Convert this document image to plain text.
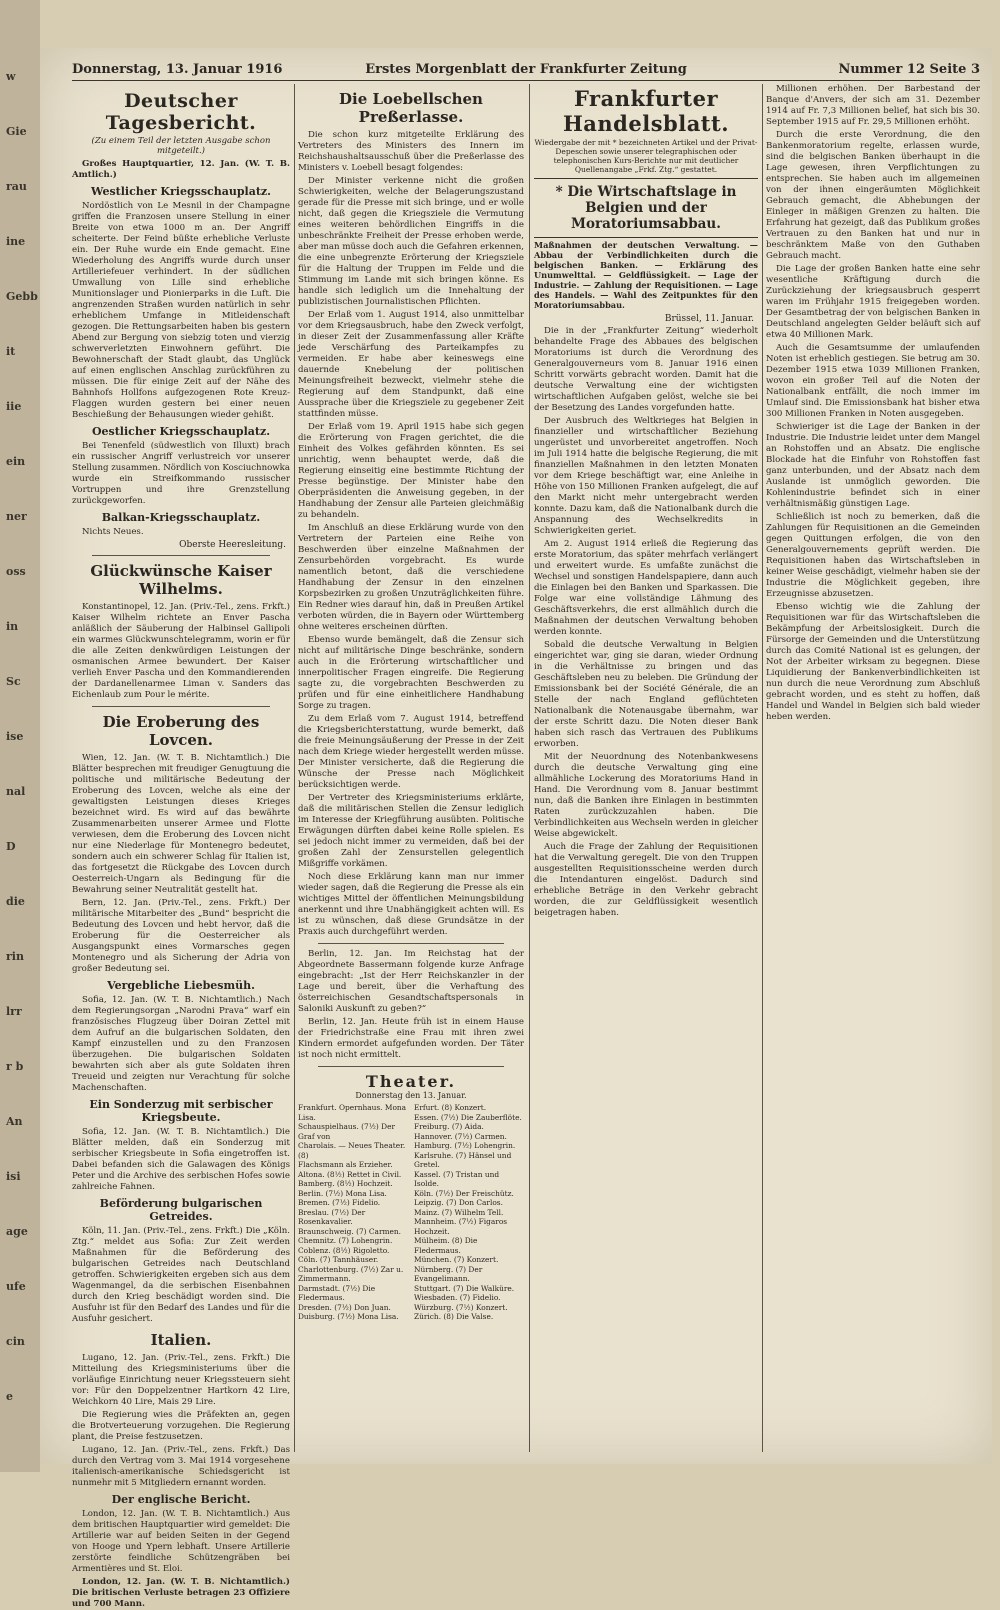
w
Gie
rau
ine
Gebb
it
iie
ein
ner
oss
in
Sc
ise
nal
D
die
rin
lrr
r b
An
isi
age
ufe
cin
e
Donnerstag, 13. Januar 1916	Erstes Morgenblatt der Frankfurter Zeitung	Nummer 12 Seite 3
Deutscher Tagesbericht.
(Zu einem Teil der letzten Ausgabe schon mitgeteilt.)

Großes Hauptquartier, 12. Jan. (W. T. B. Amtlich.)

Westlicher Kriegsschauplatz.

Nordöstlich von Le Mesnil in der Champagne griffen die Franzosen unsere Stellung in einer Breite von etwa 1000 m an. Der Angriff scheiterte. Der Feind büßte erhebliche Verluste ein. Der Ruhe wurde ein Ende gemacht. Eine Wiederholung des Angriffs wurde durch unser Artilleriefeuer verhindert. In der südlichen Umwallung von Lille sind erhebliche Munitionslager und Pionierparks in die Luft. Die angrenzenden Straßen wurden natürlich in sehr erheblichem Umfange in Mitleidenschaft gezogen. Die Rettungsarbeiten haben bis gestern Abend zur Bergung von siebzig toten und vierzig schwerverletzten Einwohnern geführt. Die Bewohnerschaft der Stadt glaubt, das Unglück auf einen englischen Anschlag zurückführen zu müssen. Die für einige Zeit auf der Nähe des Bahnhofs Hollfons aufgezogenen Rote Kreuz-Flaggen wurden gestern bei einer neuen Beschießung der Behausungen wieder gehißt.

Oestlicher Kriegsschauplatz.

Bei Tenenfeld (südwestlich von Illuxt) brach ein russischer Angriff verlustreich vor unserer Stellung zusammen. Nördlich von Kosciuchnowka wurde ein Streifkommando russischer Vortruppen und ihre Grenzstellung zurückgeworfen.

Balkan-Kriegsschauplatz.

Nichts Neues.

Oberste Heeresleitung.
Glückwünsche Kaiser Wilhelms.

Konstantinopel, 12. Jan. (Priv.-Tel., zens. Frkft.) Kaiser Wilhelm richtete an Enver Pascha anläßlich der Säuberung der Halbinsel Gallipoli ein warmes Glückwunschtelegramm, worin er für die alle Zeiten denkwürdigen Leistungen der osmanischen Armee bewundert. Der Kaiser verlieh Enver Pascha und den Kommandierenden der Dardanellenarmee Liman v. Sanders das Eichenlaub zum Pour le mérite.

Die Eroberung des Lovcen.

Wien, 12. Jan. (W. T. B. Nichtamtlich.) Die Blätter besprechen mit freudiger Genugtuung die politische und militärische Bedeutung der Eroberung des Lovcen, welche als eine der gewaltigsten Leistungen dieses Krieges bezeichnet wird. Es wird auf das bewährte Zusammenarbeiten unserer Armee und Flotte verwiesen, dem die Eroberung des Lovcen nicht nur eine Niederlage für Montenegro bedeutet, sondern auch ein schwerer Schlag für Italien ist, das fortgesetzt die Rückgabe des Lovcen durch Oesterreich-Ungarn als Bedingung für die Bewahrung seiner Neutralität gestellt hat.

Bern, 12. Jan. (Priv.-Tel., zens. Frkft.) Der militärische Mitarbeiter des „Bund“ bespricht die Bedeutung des Lovcen und hebt hervor, daß die Eroberung für die Oesterreicher als Ausgangspunkt eines Vormarsches gegen Montenegro und als Sicherung der Adria von großer Bedeutung sei.

Vergebliche Liebesmüh.

Sofia, 12. Jan. (W. T. B. Nichtamtlich.) Nach dem Regierungsorgan „Narodni Prava“ warf ein französisches Flugzeug über Doiran Zettel mit dem Aufruf an die bulgarischen Soldaten, den Kampf einzustellen und zu den Franzosen überzugehen. Die bulgarischen Soldaten bewahrten sich aber als gute Soldaten ihren Treueid und zeigten nur Verachtung für solche Machenschaften.

Ein Sonderzug mit serbischer Kriegsbeute.

Sofia, 12. Jan. (W. T. B. Nichtamtlich.) Die Blätter melden, daß ein Sonderzug mit serbischer Kriegsbeute in Sofia eingetroffen ist. Dabei befanden sich die Galawagen des Königs Peter und die Archive des serbischen Hofes sowie zahlreiche Fahnen.

Beförderung bulgarischen Getreides.

Köln, 11. Jan. (Priv.-Tel., zens. Frkft.) Die „Köln. Ztg.“ meldet aus Sofia: Zur Zeit werden Maßnahmen für die Beförderung des bulgarischen Getreides nach Deutschland getroffen. Schwierigkeiten ergeben sich aus dem Wagenmangel, da die serbischen Eisenbahnen durch den Krieg beschädigt worden sind. Die Ausfuhr ist für den Bedarf des Landes und für die Ausfuhr gesichert.

Italien.

Lugano, 12. Jan. (Priv.-Tel., zens. Frkft.) Die Mitteilung des Kriegsministeriums über die vorläufige Einrichtung neuer Kriegssteuern sieht vor: Für den Doppelzentner Hartkorn 42 Lire, Weichkorn 40 Lire, Mais 29 Lire.

Die Regierung wies die Präfekten an, gegen die Brotverteuerung vorzugehen. Die Regierung plant, die Preise festzusetzen.

Lugano, 12. Jan. (Priv.-Tel., zens. Frkft.) Das durch den Vertrag vom 3. Mai 1914 vorgesehene italienisch-amerikanische Schiedsgericht ist nunmehr mit 5 Mitgliedern ernannt worden.

Der englische Bericht.

London, 12. Jan. (W. T. B. Nichtamtlich.) Aus dem britischen Hauptquartier wird gemeldet: Die Artillerie war auf beiden Seiten in der Gegend von Hooge und Ypern lebhaft. Unsere Artillerie zerstörte feindliche Schützengräben bei Armentières und St. Eloi.

London, 12. Jan. (W. T. B. Nichtamtlich.) Die britischen Verluste betragen 23 Offiziere und 700 Mann.

Die Loebellschen Preßerlasse.

Die schon kurz mitgeteilte Erklärung des Vertreters des Ministers des Innern im Reichshaushaltsausschuß über die Preßerlasse des Ministers v. Loebell besagt folgendes:

Der Minister verkenne nicht die großen Schwierigkeiten, welche der Belagerungszustand gerade für die Presse mit sich bringe, und er wolle nicht, daß gegen die Kriegsziele die Vermutung eines weiteren behördlichen Eingriffs in die unbeschränkte Freiheit der Presse erhoben werde, aber man müsse doch auch die Gefahren erkennen, die eine unbegrenzte Erörterung der Kriegsziele für die Haltung der Truppen im Felde und die Stimmung im Lande mit sich bringen könne. Es handle sich lediglich um die Innehaltung der publizistischen Journalistischen Pflichten.

Der Erlaß vom 1. August 1914, also unmittelbar vor dem Kriegsausbruch, habe den Zweck verfolgt, in dieser Zeit der Zusammenfassung aller Kräfte jede Verschärfung des Parteikampfes zu vermeiden. Er habe aber keineswegs eine dauernde Knebelung der politischen Meinungsfreiheit bezweckt, vielmehr stehe die Regierung auf dem Standpunkt, daß eine Aussprache über die Kriegsziele zu gegebener Zeit stattfinden müsse.

Der Erlaß vom 19. April 1915 habe sich gegen die Erörterung von Fragen gerichtet, die die Einheit des Volkes gefährden könnten. Es sei unrichtig, wenn behauptet werde, daß die Regierung einseitig eine bestimmte Richtung der Presse begünstige. Der Minister habe den Oberpräsidenten die Anweisung gegeben, in der Handhabung der Zensur alle Parteien gleichmäßig zu behandeln.

Im Anschluß an diese Erklärung wurde von den Vertretern der Parteien eine Reihe von Beschwerden über einzelne Maßnahmen der Zensurbehörden vorgebracht. Es wurde namentlich betont, daß die verschiedene Handhabung der Zensur in den einzelnen Korpsbezirken zu großen Unzuträglichkeiten führe. Ein Redner wies darauf hin, daß in Preußen Artikel verboten würden, die in Bayern oder Württemberg ohne weiteres erscheinen dürften.

Ebenso wurde bemängelt, daß die Zensur sich nicht auf militärische Dinge beschränke, sondern auch in die Erörterung wirtschaftlicher und innerpolitischer Fragen eingreife. Die Regierung sagte zu, die vorgebrachten Beschwerden zu prüfen und für eine einheitlichere Handhabung Sorge zu tragen.

Zu dem Erlaß vom 7. August 1914, betreffend die Kriegsberichterstattung, wurde bemerkt, daß die freie Meinungsäußerung der Presse in der Zeit nach dem Kriege wieder hergestellt werden müsse. Der Minister versicherte, daß die Regierung die Wünsche der Presse nach Möglichkeit berücksichtigen werde.

Der Vertreter des Kriegsministeriums erklärte, daß die militärischen Stellen die Zensur lediglich im Interesse der Kriegführung ausübten. Politische Erwägungen dürften dabei keine Rolle spielen. Es sei jedoch nicht immer zu vermeiden, daß bei der großen Zahl der Zensurstellen gelegentlich Mißgriffe vorkämen.

Noch diese Erklärung kann man nur immer wieder sagen, daß die Regierung die Presse als ein wichtiges Mittel der öffentlichen Meinungsbildung anerkennt und ihre Unabhängigkeit achten will. Es ist zu wünschen, daß diese Grundsätze in der Praxis auch durchgeführt werden.

Berlin, 12. Jan. Im Reichstag hat der Abgeordnete Bassermann folgende kurze Anfrage eingebracht: „Ist der Herr Reichskanzler in der Lage und bereit, über die Verhaftung des österreichischen Gesandtschaftspersonals in Saloniki Auskunft zu geben?“

Berlin, 12. Jan. Heute früh ist in einem Hause der Friedrichstraße eine Frau mit ihren zwei Kindern ermordet aufgefunden worden. Der Täter ist noch nicht ermittelt.

Theater.
Donnerstag den 13. Januar.
Frankfurt. Opernhaus. Mona Lisa.
Schauspielhaus. (7½) Der Graf von
Charolais. — Neues Theater. (8)
Flachsmann als Erzieher.
Altona. (8½) Rettet in Civil.
Bamberg. (8½) Hochzeit.
Berlin. (7½) Mona Lisa.
Bremen. (7½) Fidelio.
Breslau. (7½) Der Rosenkavalier.
Braunschweig. (7) Carmen.
Chemnitz. (7) Lohengrin.
Coblenz. (8½) Rigoletto.
Cöln. (7) Tannhäuser.
Charlottenburg. (7½) Zar u. Zimmermann.
Darmstadt. (7½) Die Fledermaus.
Dresden. (7½) Don Juan.
Duisburg. (7½) Mona Lisa.
Erfurt. (8) Konzert.
Essen. (7½) Die Zauberflöte.
Freiburg. (7) Aida.
Hannover. (7½) Carmen.
Hamburg. (7½) Lohengrin.
Karlsruhe. (7) Hänsel und Gretel.
Kassel. (7) Tristan und Isolde.
Köln. (7½) Der Freischütz.
Leipzig. (7) Don Carlos.
Mainz. (7) Wilhelm Tell.
Mannheim. (7½) Figaros Hochzeit.
Mülheim. (8) Die Fledermaus.
München. (7) Konzert.
Nürnberg. (7) Der Evangelimann.
Stuttgart. (7) Die Walküre.
Wiesbaden. (7) Fidelio.
Würzburg. (7½) Konzert.
Zürich. (8) Die Valse.
Frankfurter Handelsblatt.
Wiedergabe der mit * bezeichneten Artikel und der Privat-Depeschen sowie unserer telegraphischen oder telephonischen Kurs-Berichte nur mit deutlicher Quellenangabe „Frkf. Ztg.“ gestattet.
* Die Wirtschaftslage in Belgien und der Moratoriumsabbau.

Maßnahmen der deutschen Verwaltung. — Abbau der Verbindlichkeiten durch die belgischen Banken. — Erklärung des Unumwelttal. — Geldflüssigkeit. — Lage der Industrie. — Zahlung der Requisitionen. — Lage des Handels. — Wahl des Zeitpunktes für den Moratoriumsabbau.

Brüssel, 11. Januar.

Die in der „Frankfurter Zeitung“ wiederholt behandelte Frage des Abbaues des belgischen Moratoriums ist durch die Verordnung des Generalgouverneurs vom 8. Januar 1916 einen Schritt vorwärts gebracht worden. Damit hat die deutsche Verwaltung eine der wichtigsten wirtschaftlichen Aufgaben gelöst, welche sie bei der Besetzung des Landes vorgefunden hatte.

Der Ausbruch des Weltkrieges hat Belgien in finanzieller und wirtschaftlicher Beziehung ungerüstet und unvorbereitet angetroffen. Noch im Juli 1914 hatte die belgische Regierung, die mit finanziellen Maßnahmen in den letzten Monaten vor dem Kriege beschäftigt war, eine Anleihe in Höhe von 150 Millionen Franken aufgelegt, die auf den Markt nicht mehr untergebracht werden konnte. Dazu kam, daß die Nationalbank durch die Anspannung des Wechselkredits in Schwierigkeiten geriet.

Am 2. August 1914 erließ die Regierung das erste Moratorium, das später mehrfach verlängert und erweitert wurde. Es umfaßte zunächst die Wechsel und sonstigen Handelspapiere, dann auch die Einlagen bei den Banken und Sparkassen. Die Folge war eine vollständige Lähmung des Geschäftsverkehrs, die erst allmählich durch die Maßnahmen der deutschen Verwaltung behoben werden konnte.

Sobald die deutsche Verwaltung in Belgien eingerichtet war, ging sie daran, wieder Ordnung in die Verhältnisse zu bringen und das Geschäftsleben neu zu beleben. Die Gründung der Emissionsbank bei der Société Générale, die an Stelle der nach England geflüchteten Nationalbank die Notenausgabe übernahm, war der erste Schritt dazu. Die Noten dieser Bank haben sich rasch das Vertrauen des Publikums erworben.

Mit der Neuordnung des Notenbankwesens durch die deutsche Verwaltung ging eine allmähliche Lockerung des Moratoriums Hand in Hand. Die Verordnung vom 8. Januar bestimmt nun, daß die Banken ihre Einlagen in bestimmten Raten zurückzuzahlen haben. Die Verbindlichkeiten aus Wechseln werden in gleicher Weise abgewickelt.

Auch die Frage der Zahlung der Requisitionen hat die Verwaltung geregelt. Die von den Truppen ausgestellten Requisitionsscheine werden durch die Intendanturen eingelöst. Dadurch sind erhebliche Beträge in den Verkehr gebracht worden, die zur Geldflüssigkeit wesentlich beigetragen haben.

Millionen erhöhen. Der Barbestand der Banque d'Anvers, der sich am 31. Dezember 1914 auf Fr. 7,3 Millionen belief, hat sich bis 30. September 1915 auf Fr. 29,5 Millionen erhöht.

Durch die erste Verordnung, die den Bankenmoratorium regelte, erlassen wurde, sind die belgischen Banken überhaupt in die Lage gewesen, ihren Verpflichtungen zu entsprechen. Sie haben auch im allgemeinen von der ihnen eingeräumten Möglichkeit Gebrauch gemacht, die Abhebungen der Einleger in mäßigen Grenzen zu halten. Die Erfahrung hat gezeigt, daß das Publikum großes Vertrauen zu den Banken hat und nur in beschränktem Maße von den Guthaben Gebrauch macht.

Die Lage der großen Banken hatte eine sehr wesentliche Kräftigung durch die Zurückziehung der kriegsausbruch gesperrt waren im Frühjahr 1915 freigegeben worden. Der Gesamtbetrag der von belgischen Banken in Deutschland angelegten Gelder beläuft sich auf etwa 40 Millionen Mark.

Auch die Gesamtsumme der umlaufenden Noten ist erheblich gestiegen. Sie betrug am 30. Dezember 1915 etwa 1039 Millionen Franken, wovon ein großer Teil auf die Noten der Nationalbank entfällt, die noch immer im Umlauf sind. Die Emissionsbank hat bisher etwa 300 Millionen Franken in Noten ausgegeben.

Schwieriger ist die Lage der Banken in der Industrie. Die Industrie leidet unter dem Mangel an Rohstoffen und an Absatz. Die englische Blockade hat die Einfuhr von Rohstoffen fast ganz unterbunden, und der Absatz nach dem Auslande ist unmöglich geworden. Die Kohlenindustrie befindet sich in einer verhältnismäßig günstigen Lage.

Schließlich ist noch zu bemerken, daß die Zahlungen für Requisitionen an die Gemeinden gegen Quittungen erfolgen, die von den Generalgouvernements geprüft werden. Die Requisitionen haben das Wirtschaftsleben in keiner Weise geschädigt, vielmehr haben sie der Industrie die Möglichkeit gegeben, ihre Erzeugnisse abzusetzen.

Ebenso wichtig wie die Zahlung der Requisitionen war für das Wirtschaftsleben die Bekämpfung der Arbeitslosigkeit. Durch die Fürsorge der Gemeinden und die Unterstützung durch das Comité National ist es gelungen, der Not der Arbeiter wirksam zu begegnen. Diese Liquidierung der Bankenverbindlichkeiten ist nun durch die neue Verordnung zum Abschluß gebracht worden, und es steht zu hoffen, daß Handel und Wandel in Belgien sich bald wieder heben werden.
